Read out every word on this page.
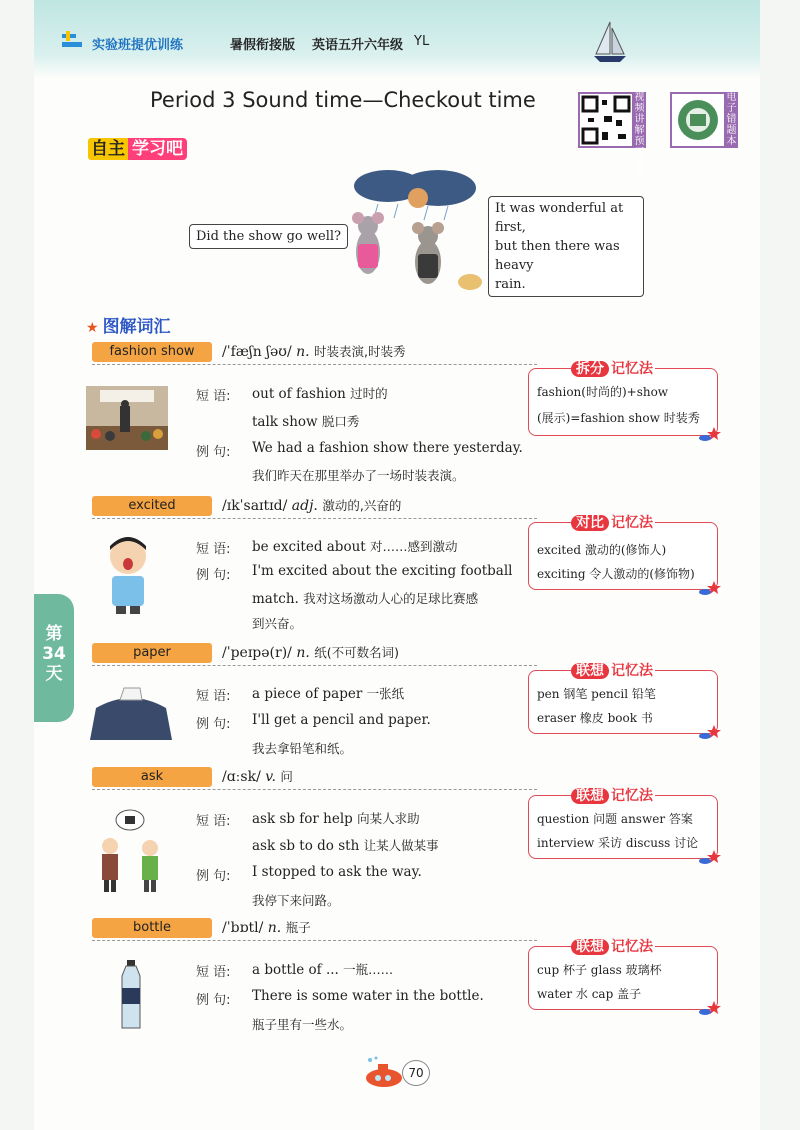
实验班提优训练	暑假衔接版 英语五升六年级 YL
Period 3 Sound time—Checkout time	视频讲解 预习微课
电子错题本
自主 学习吧
Did the show go well?
It was wonderful at first,
but then there was heavy
rain.
★ 图解词汇
第
34
天
fashion show	/ˈfæʃn ʃəʊ/ n. 时装表演,时装秀
短 语: out of fashion 过时的
talk show 脱口秀
例 句: We had a fashion show there yesterday.
我们昨天在那里举办了一场时装表演。
拆分 记忆法
fashion(时尚的)+show
(展示)=fashion show 时装秀
excited	/ɪkˈsaɪtɪd/ adj. 激动的,兴奋的
短 语: be excited about 对……感到激动
例 句: I'm excited about the exciting football
match. 我对这场激动人心的足球比赛感
到兴奋。
对比 记忆法
excited 激动的(修饰人)
exciting 令人激动的(修饰物)
paper	/ˈpeɪpə(r)/ n. 纸(不可数名词)
短 语: a piece of paper 一张纸
例 句: I'll get a pencil and paper.
我去拿铅笔和纸。
联想 记忆法
pen 钢笔 pencil 铅笔
eraser 橡皮 book 书
ask	/ɑːsk/ v. 问
短 语: ask sb for help 向某人求助
ask sb to do sth 让某人做某事
例 句: I stopped to ask the way.
我停下来问路。
联想 记忆法
question 问题 answer 答案
interview 采访 discuss 讨论
bottle	/ˈbɒtl/ n. 瓶子
短 语: a bottle of ... 一瓶……
例 句: There is some water in the bottle.
瓶子里有一些水。
联想 记忆法
cup 杯子 glass 玻璃杯
water 水 cap 盖子
70
